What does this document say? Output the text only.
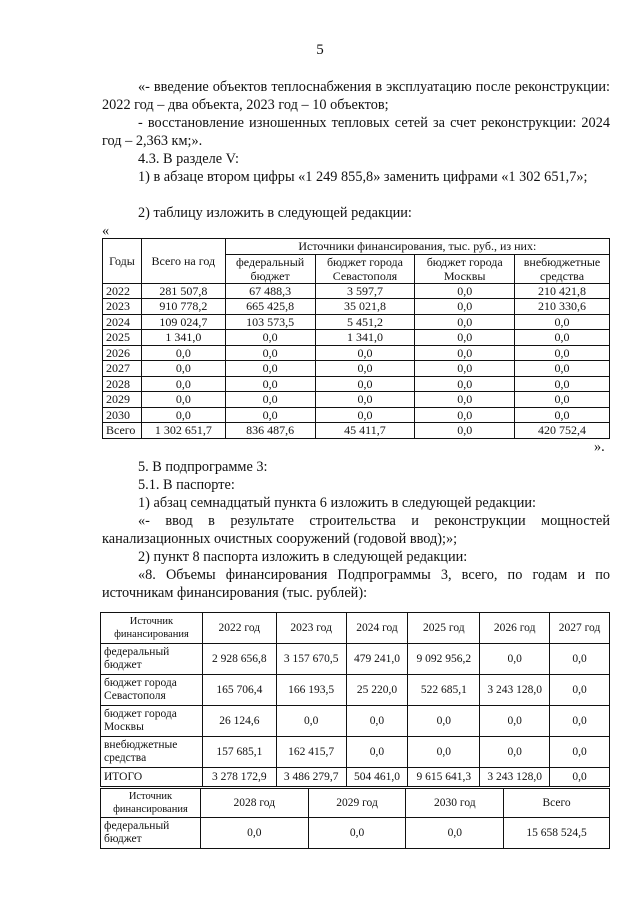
5
«- введение объектов теплоснабжения в эксплуатацию после реконструкции: 2022 год – два объекта, 2023 год – 10 объектов;
- восстановление изношенных тепловых сетей за счет реконструкции: 2024 год – 2,363 км;».
4.3. В разделе V:
1) в абзаце втором цифры «1 249 855,8» заменить цифрами «1 302 651,7»;
2) таблицу изложить в следующей редакции:
«
Годы	Всего на год	Источники финансирования, тыс. руб., из них:			
		федеральный бюджет	бюджет города Севастополя	бюджет города Москвы	внебюджетные средства
2022	281 507,8	67 488,3	3 597,7	0,0	210 421,8
2023	910 778,2	665 425,8	35 021,8	0,0	210 330,6
2024	109 024,7	103 573,5	5 451,2	0,0	0,0
2025	1 341,0	0,0	1 341,0	0,0	0,0
2026	0,0	0,0	0,0	0,0	0,0
2027	0,0	0,0	0,0	0,0	0,0
2028	0,0	0,0	0,0	0,0	0,0
2029	0,0	0,0	0,0	0,0	0,0
2030	0,0	0,0	0,0	0,0	0,0
Всего	1 302 651,7	836 487,6	45 411,7	0,0	420 752,4
».
5. В подпрограмме 3:
5.1. В паспорте:
1) абзац семнадцатый пункта 6 изложить в следующей редакции:
«- ввод в результате строительства и реконструкции мощностей канализационных очистных сооружений (годовой ввод);»;
2) пункт 8 паспорта изложить в следующей редакции:
«8. Объемы финансирования Подпрограммы 3, всего, по годам и по источникам финансирования (тыс. рублей):
Источник финансирования	2022 год	2023 год	2024 год	2025 год	2026 год	2027 год
федеральный бюджет	2 928 656,8	3 157 670,5	479 241,0	9 092 956,2	0,0	0,0
бюджет города Севастополя	165 706,4	166 193,5	25 220,0	522 685,1	3 243 128,0	0,0
бюджет города Москвы	26 124,6	0,0	0,0	0,0	0,0	0,0
внебюджетные средства	157 685,1	162 415,7	0,0	0,0	0,0	0,0
ИТОГО	3 278 172,9	3 486 279,7	504 461,0	9 615 641,3	3 243 128,0	0,0
Источник финансирования	2028 год	2029 год	2030 год	Всего
федеральный бюджет	0,0	0,0	0,0	15 658 524,5
